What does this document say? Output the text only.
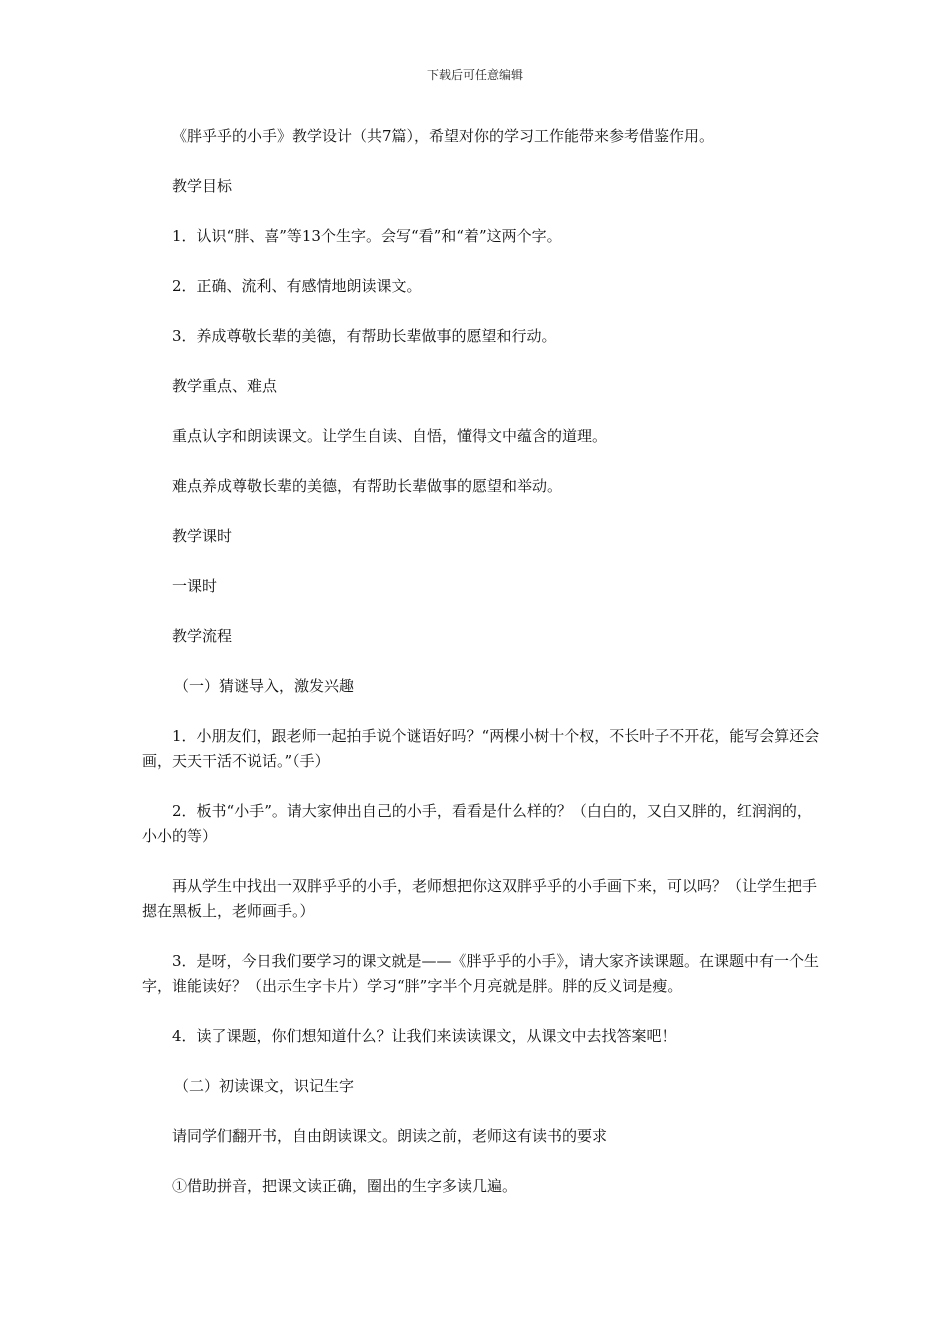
下载后可任意编辑

《胖乎乎的小手》教学设计（共7篇），希望对你的学习工作能带来参考借鉴作用。

教学目标

1．认识“胖、喜”等13个生字。会写“看”和“着”这两个字。

2．正确、流利、有感情地朗读课文。

3．养成尊敬长辈的美德，有帮助长辈做事的愿望和行动。

教学重点、难点

重点认字和朗读课文。让学生自读、自悟，懂得文中蕴含的道理。

难点养成尊敬长辈的美德，有帮助长辈做事的愿望和举动。

教学课时

一课时

教学流程

（一）猜谜导入，激发兴趣

1．小朋友们，跟老师一起拍手说个谜语好吗？“两棵小树十个杈，不长叶子不开花，能写会算还会画，天天干活不说话。”（手）

2．板书“小手”。请大家伸出自己的小手，看看是什么样的？（白白的，又白又胖的，红润润的，小小的等）

再从学生中找出一双胖乎乎的小手，老师想把你这双胖乎乎的小手画下来，可以吗？（让学生把手摁在黑板上，老师画手。）

3．是呀，今日我们要学习的课文就是——《胖乎乎的小手》，请大家齐读课题。在课题中有一个生字，谁能读好？（出示生字卡片）学习“胖”字半个月亮就是胖。胖的反义词是瘦。

4．读了课题，你们想知道什么？让我们来读读课文，从课文中去找答案吧！

（二）初读课文，识记生字

请同学们翻开书，自由朗读课文。朗读之前，老师这有读书的要求

①借助拼音，把课文读正确，圈出的生字多读几遍。
